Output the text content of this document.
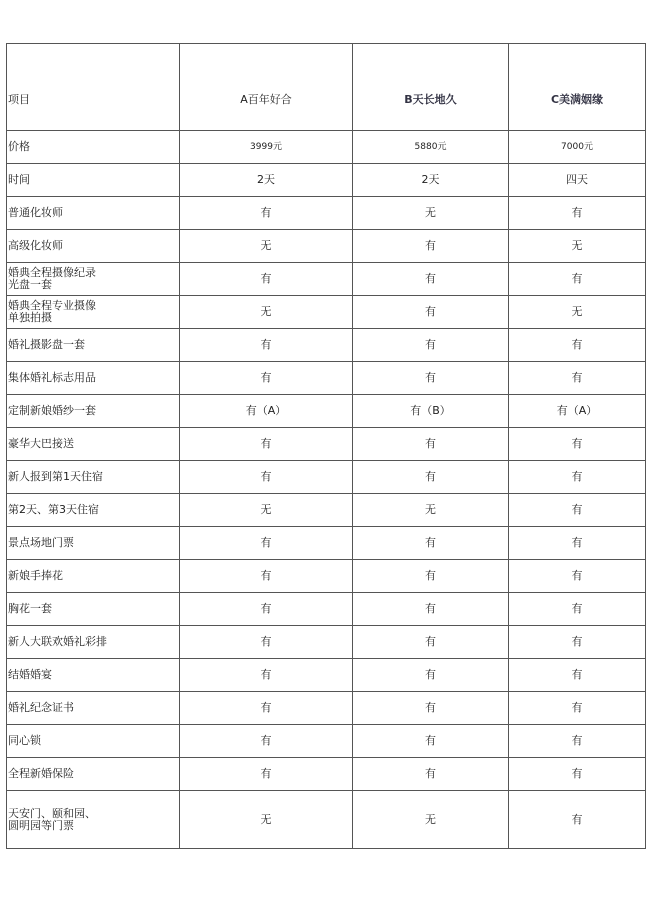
项目	A百年好合	B天长地久	C美满姻缘

价格	3999元	5880元	7000元
时间	2天	2天	四天
普通化妆师	有	无	有
高级化妆师	无	有	无
婚典全程摄像纪录
光盘一套	有	有	有
婚典全程专业摄像
单独拍摄	无	有	无
婚礼摄影盘一套	有	有	有
集体婚礼标志用品	有	有	有
定制新娘婚纱一套	有（A）	有（B）	有（A）
豪华大巴接送	有	有	有
新人报到第1天住宿	有	有	有
第2天、第3天住宿	无	无	有
景点场地门票	有	有	有
新娘手捧花	有	有	有
胸花一套	有	有	有
新人大联欢婚礼彩排	有	有	有
结婚婚宴	有	有	有
婚礼纪念证书	有	有	有
同心锁	有	有	有
全程新婚保险	有	有	有
天安门、颐和园、
圆明园等门票	无	无	有
